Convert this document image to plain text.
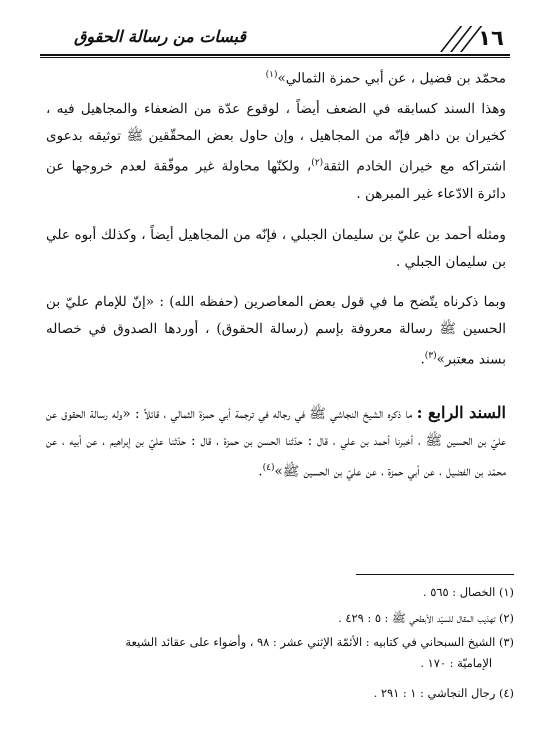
١٦
قبسات من رسالة الحقوق
محمّد بن فضيل ، عن أبي حمزة الثمالي»$^{(١)}$
وهذا السند كسابقه في الضعف أيضاً ، لوقوع عدّة من الضعفاء والمجاهيل فيه ، كخيران بن داهر فإنّه من المجاهيل ، وإن حاول بعض المحقّقين ﷺ توثيقه بدعوى اشتراكه مع خيران الخادم الثقة$^{(٢)}$، ولكنّها محاولة غير موفّقة لعدم خروجها عن دائرة الادّعاء غير المبرهن .
ومثله أحمد بن عليّ بن سليمان الجبلي ، فإنّه من المجاهيل أيضاً ، وكذلك أبوه علي بن سليمان الجبلي .
وبما ذكرناه يتّضح ما في قول بعض المعاصرين (حفظه الله) : «إنّ للإمام عليّ بن الحسين ﷺ رسالة معروفة بإسم (رسالة الحقوق) ، أوردها الصدوق في خصاله بسند معتبر»$^{(٣)}$.
السند الرابع : ما ذكره الشيخ النجاشي ﷺ في رجاله في ترجمة أبي حمزة الثمالي ، قائلاً : «وله رسالة الحقوق عن عليّ بن الحسين ﷺ ، أخبرنا أحمد بن علي ، قال : حدّثنا الحسن بن حمزة ، قال : حدّثنا عليّ بن إبراهيم ، عن أبيه ، عن محمّد بن الفضيل ، عن أبي حمزة ، عن عليّ بن الحسين ﷺ»$^{(٤)}$.
(١) الخصال : ٥٦٥ .
(٢) تهذيب المقال للسيّد الأبطحي ﷺ : ٥ : ٤٢٩ .
(٣) الشيخ السبحاني في كتابيه : الأئمّة الإثني عشر : ٩٨ ، وأضواء على عقائد الشيعة
الإماميّة : ١٧٠ .
(٤) رجال النجاشي : ١ : ٢٩١ .
